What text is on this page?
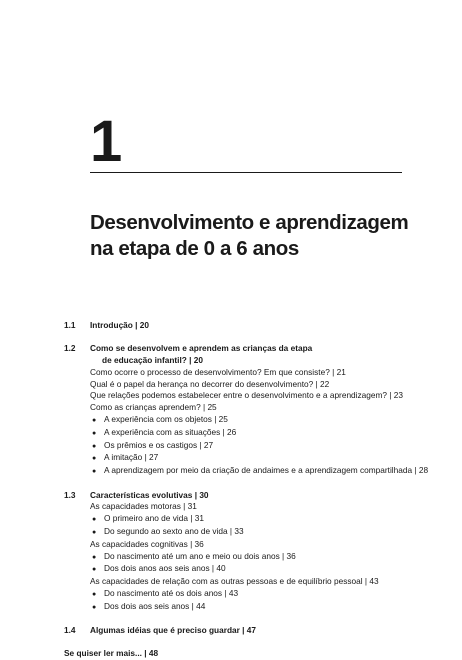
1
Desenvolvimento e aprendizagem
na etapa de 0 a 6 anos
1.1	Introdução | 20
1.2	Como se desenvolvem e aprendem as crianças da etapa
de educação infantil? | 20
Como ocorre o processo de desenvolvimento? Em que consiste? | 21
Qual é o papel da herança no decorrer do desenvolvimento? | 22
Que relações podemos estabelecer entre o desenvolvimento e a aprendizagem? | 23
Como as crianças aprendem? | 25
● A experiência com os objetos | 25
● A experiência com as situações | 26
● Os prêmios e os castigos | 27
● A imitação | 27
● A aprendizagem por meio da criação de andaimes e a aprendizagem compartilhada | 28
1.3	Características evolutivas | 30
As capacidades motoras | 31
● O primeiro ano de vida | 31
● Do segundo ao sexto ano de vida | 33
As capacidades cognitivas | 36
● Do nascimento até um ano e meio ou dois anos | 36
● Dos dois anos aos seis anos | 40
As capacidades de relação com as outras pessoas e de equilíbrio pessoal | 43
● Do nascimento até os dois anos | 43
● Dos dois aos seis anos | 44
1.4	Algumas idéias que é preciso guardar | 47
Se quiser ler mais... | 48
